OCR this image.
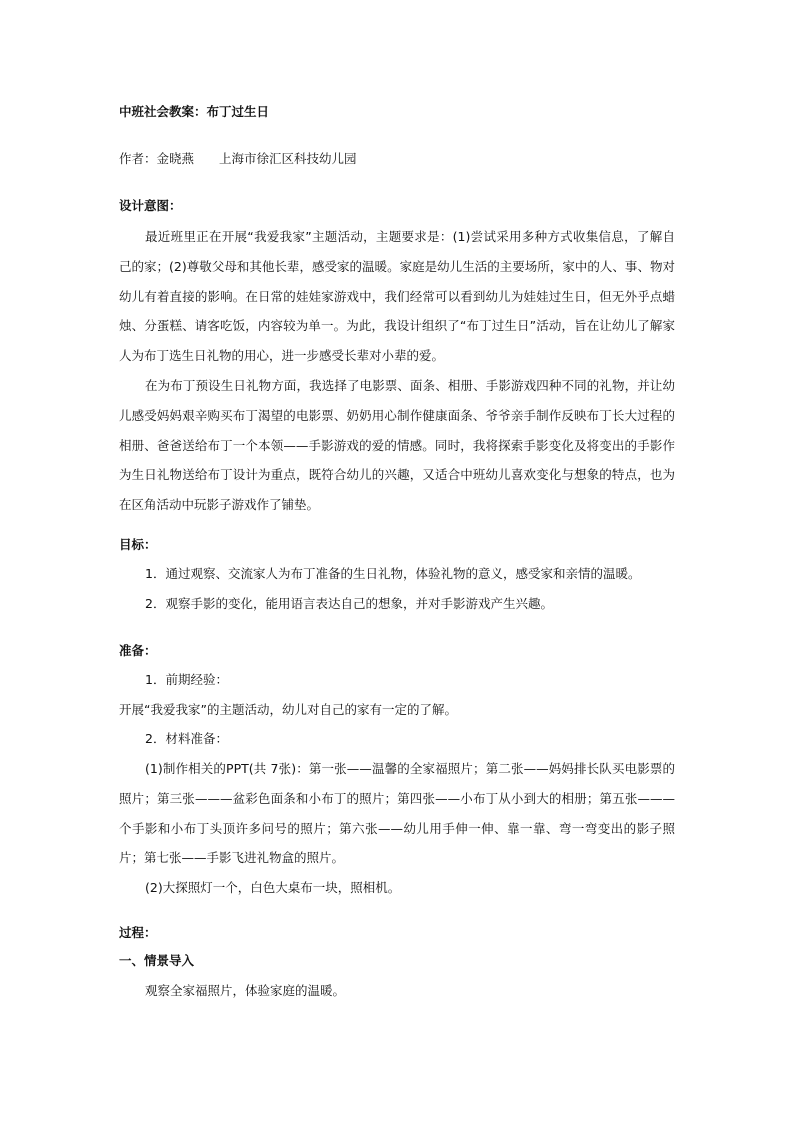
中班社会教案：布丁过生日
作者：金晓燕　　上海市徐汇区科技幼儿园
设计意图：

最近班里正在开展“我爱我家”主题活动，主题要求是：(1)尝试采用多种方式收集信息，了解自己的家；(2)尊敬父母和其他长辈，感受家的温暖。家庭是幼儿生活的主要场所，家中的人、事、物对幼儿有着直接的影响。在日常的娃娃家游戏中，我们经常可以看到幼儿为娃娃过生日，但无外乎点蜡烛、分蛋糕、请客吃饭，内容较为单一。为此，我设计组织了“布丁过生日”活动，旨在让幼儿了解家人为布丁选生日礼物的用心，进一步感受长辈对小辈的爱。

在为布丁预设生日礼物方面，我选择了电影票、面条、相册、手影游戏四种不同的礼物，并让幼儿感受妈妈艰辛购买布丁渴望的电影票、奶奶用心制作健康面条、爷爷亲手制作反映布丁长大过程的相册、爸爸送给布丁一个本领——手影游戏的爱的情感。同时，我将探索手影变化及将变出的手影作为生日礼物送给布丁设计为重点，既符合幼儿的兴趣，又适合中班幼儿喜欢变化与想象的特点，也为在区角活动中玩影子游戏作了铺垫。

目标：
1．通过观察、交流家人为布丁准备的生日礼物，体验礼物的意义，感受家和亲情的温暖。
2．观察手影的变化，能用语言表达自己的想象，并对手影游戏产生兴趣。
准备：
1．前期经验：
开展“我爱我家”的主题活动，幼儿对自己的家有一定的了解。
2．材料准备：

(1)制作相关的PPT(共 7张)：第一张——温馨的全家福照片；第二张——妈妈排长队买电影票的照片；第三张———盆彩色面条和小布丁的照片；第四张——小布丁从小到大的相册；第五张———个手影和小布丁头顶许多问号的照片；第六张——幼儿用手伸一伸、靠一靠、弯一弯变出的影子照片；第七张——手影飞进礼物盒的照片。

(2)大探照灯一个，白色大桌布一块，照相机。

过程：
一、情景导入
观察全家福照片，体验家庭的温暖。
